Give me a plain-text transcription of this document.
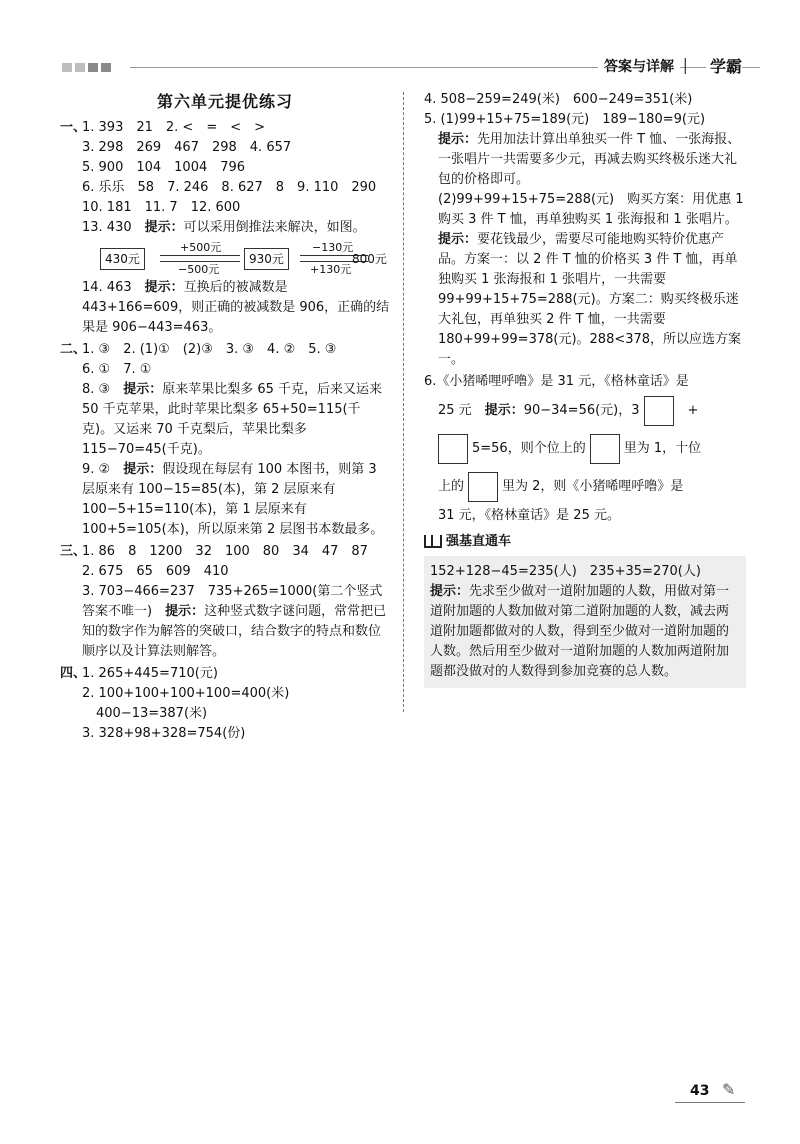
答案与详解 | 学霸
第六单元提优练习
一、1. 393　21　2. <　=　<　>
3. 298　269　467　298　4. 657
5. 900　104　1004　796
6. 乐乐　58　7. 246　8. 627　8　9. 110　290
10. 181　11. 7　12. 600
13. 430　提示：可以采用倒推法来解决，如图。
430元
+500元
−500元
930元
−130元
+130元
800元
14. 463　提示：互换后的被减数是 443+166=609，则正确的被减数是 906，正确的结果是 906−443=463。
二、1. ③　2. (1)①　(2)③　3. ③　4. ②　5. ③
6. ①　7. ①
8. ③　提示：原来苹果比梨多 65 千克，后来又运来 50 千克苹果，此时苹果比梨多 65+50=115(千克)。又运来 70 千克梨后，苹果比梨多 115−70=45(千克)。
9. ②　提示：假设现在每层有 100 本图书，则第 3 层原来有 100−15=85(本)，第 2 层原来有 100−5+15=110(本)，第 1 层原来有 100+5=105(本)，所以原来第 2 层图书本数最多。
三、1. 86　8　1200　32　100　80　34　47　87
2. 675　65　609　410
3. 703−466=237　735+265=1000(第二个竖式答案不唯一)　提示：这种竖式数字谜问题，常常把已知的数字作为解答的突破口，结合数字的特点和数位顺序以及计算法则解答。
四、1. 265+445=710(元)
2. 100+100+100+100=400(米)
400−13=387(米)
3. 328+98+328=754(份)
4. 508−259=249(米)　600−249=351(米)
5. (1)99+15+75=189(元)　189−180=9(元)
提示：先用加法计算出单独买一件 T 恤、一张海报、一张唱片一共需要多少元，再减去购买终极乐迷大礼包的价格即可。
(2)99+99+15+75=288(元)　购买方案：用优惠 1 购买 3 件 T 恤，再单独购买 1 张海报和 1 张唱片。
提示：要花钱最少，需要尽可能地购买特价优惠产品。方案一：以 2 件 T 恤的价格买 3 件 T 恤，再单独购买 1 张海报和 1 张唱片，一共需要 99+99+15+75=288(元)。方案二：购买终极乐迷大礼包，再单独买 2 件 T 恤，一共需要 180+99+99=378(元)。288<378，所以应选方案一。
6.《小猪唏哩呼噜》是 31 元，《格林童话》是
25 元　提示：90−34=56(元)，3	+
5=56，则个位上的	里为 1，十位
上的	里为 2，则《小猪唏哩呼噜》是
31 元，《格林童话》是 25 元。
强基直通车
152+128−45=235(人)　235+35=270(人)
提示：先求至少做对一道附加题的人数，用做对第一道附加题的人数加做对第二道附加题的人数，减去两道附加题都做对的人数，得到至少做对一道附加题的人数。然后用至少做对一道附加题的人数加两道附加题都没做对的人数得到参加竞赛的总人数。
43 ✎
